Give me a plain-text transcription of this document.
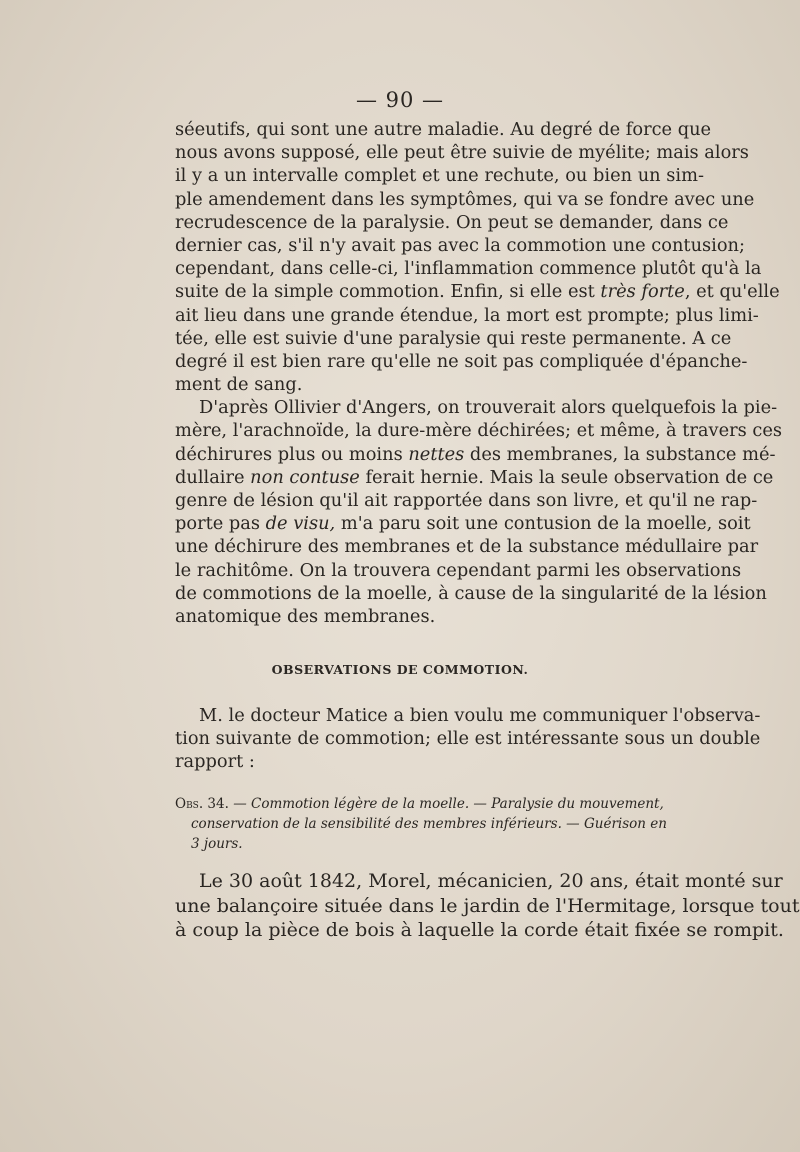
— 90 —
séeutifs, qui sont une autre maladie. Au degré de force que
nous avons supposé, elle peut être suivie de myélite; mais alors
il y a un intervalle complet et une rechute, ou bien un sim-
ple amendement dans les symptômes, qui va se fondre avec une
recrudescence de la paralysie. On peut se demander, dans ce
dernier cas, s'il n'y avait pas avec la commotion une contusion;
cependant, dans celle-ci, l'inflammation commence plutôt qu'à la
suite de la simple commotion. Enfin, si elle est très forte, et qu'elle
ait lieu dans une grande étendue, la mort est prompte; plus limi-
tée, elle est suivie d'une paralysie qui reste permanente. A ce
degré il est bien rare qu'elle ne soit pas compliquée d'épanche-
ment de sang.
D'après Ollivier d'Angers, on trouverait alors quelquefois la pie-
mère, l'arachnoïde, la dure-mère déchirées; et même, à travers ces
déchirures plus ou moins nettes des membranes, la substance mé-
dullaire non contuse ferait hernie. Mais la seule observation de ce
genre de lésion qu'il ait rapportée dans son livre, et qu'il ne rap-
porte pas de visu, m'a paru soit une contusion de la moelle, soit
une déchirure des membranes et de la substance médullaire par
le rachitôme. On la trouvera cependant parmi les observations
de commotions de la moelle, à cause de la singularité de la lésion
anatomique des membranes.
OBSERVATIONS DE COMMOTION.
M. le docteur Matice a bien voulu me communiquer l'observa-
tion suivante de commotion; elle est intéressante sous un double
rapport :
Obs. 34. — Commotion légère de la moelle. — Paralysie du mouvement,
conservation de la sensibilité des membres inférieurs. — Guérison en
3 jours.
Le 30 août 1842, Morel, mécanicien, 20 ans, était monté sur
une balançoire située dans le jardin de l'Hermitage, lorsque tout
à coup la pièce de bois à laquelle la corde était fixée se rompit.
